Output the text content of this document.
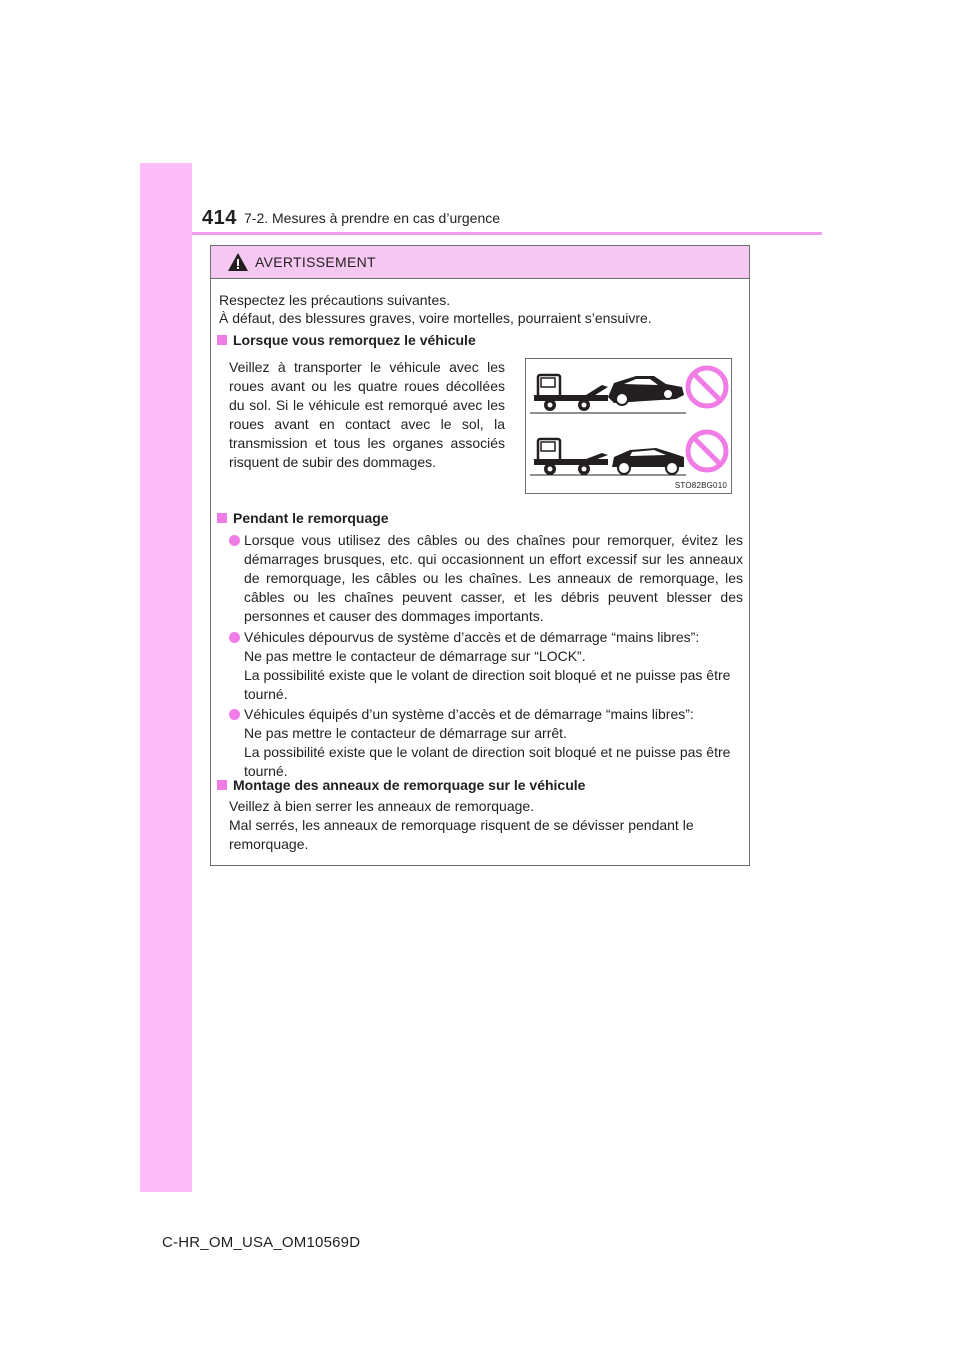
414 7-2. Mesures à prendre en cas d’urgence
AVERTISSEMENT
Respectez les précautions suivantes.
À défaut, des blessures graves, voire mortelles, pourraient s’ensuivre.
Lorsque vous remorquez le véhicule
Veillez à transporter le véhicule avec les roues avant ou les quatre roues décollées du sol. Si le véhicule est remorqué avec les roues avant en contact avec le sol, la transmission et tous les organes associés risquent de subir des dommages.
STO82BG010
Pendant le remorquage
Lorsque vous utilisez des câbles ou des chaînes pour remorquer, évitez les démarrages brusques, etc. qui occasionnent un effort excessif sur les anneaux de remorquage, les câbles ou les chaînes. Les anneaux de remorquage, les câbles ou les chaînes peuvent casser, et les débris peuvent blesser des personnes et causer des dommages importants.
Véhicules dépourvus de système d’accès et de démarrage “mains libres”:
Ne pas mettre le contacteur de démarrage sur “LOCK”.
La possibilité existe que le volant de direction soit bloqué et ne puisse pas être tourné.
Véhicules équipés d’un système d’accès et de démarrage “mains libres”:
Ne pas mettre le contacteur de démarrage sur arrêt.
La possibilité existe que le volant de direction soit bloqué et ne puisse pas être tourné.
Montage des anneaux de remorquage sur le véhicule
Veillez à bien serrer les anneaux de remorquage.
Mal serrés, les anneaux de remorquage risquent de se dévisser pendant le remorquage.
C-HR_OM_USA_OM10569D
